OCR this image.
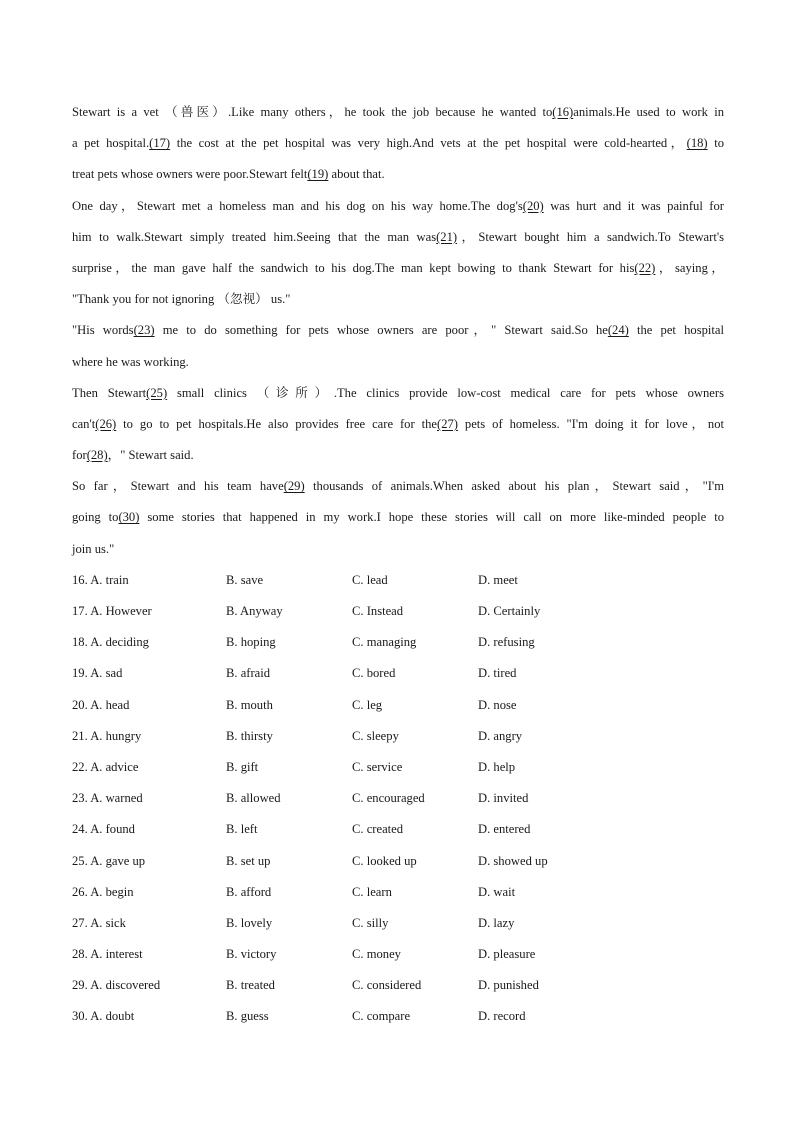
Stewart is a vet （兽医）.Like many others，he took the job because he wanted to(16)animals.He used to work in
a pet hospital.(17) the cost at the pet hospital was very high.And vets at the pet hospital were cold-hearted，(18) to
treat pets whose owners were poor.Stewart felt(19) about that.
One day，Stewart met a homeless man and his dog on his way home.The dog's(20) was hurt and it was painful for
him to walk.Stewart simply treated him.Seeing that the man was(21)，Stewart bought him a sandwich.To Stewart's
surprise，the man gave half the sandwich to his dog.The man kept bowing to thank Stewart for his(22)，saying，
"Thank you for not ignoring （忽视） us."
"His words(23) me to do something for pets whose owners are poor，" Stewart said.So he(24) the pet hospital
where he was working.
Then Stewart(25) small clinics （诊所）.The clinics provide low-cost medical care for pets whose owners
can't(26) to go to pet hospitals.He also provides free care for the(27) pets of homeless. "I'm doing it for love，not
for(28)，" Stewart said.
So far，Stewart and his team have(29) thousands of animals.When asked about his plan，Stewart said，"I'm
going to(30) some stories that happened in my work.I hope these stories will call on more like-minded people to
join us."
16. A. train	B. save	C. lead	D. meet
17. A. However	B. Anyway	C. Instead	D. Certainly
18. A. deciding	B. hoping	C. managing	D. refusing
19. A. sad	B. afraid	C. bored	D. tired
20. A. head	B. mouth	C. leg	D. nose
21. A. hungry	B. thirsty	C. sleepy	D. angry
22. A. advice	B. gift	C. service	D. help
23. A. warned	B. allowed	C. encouraged	D. invited
24. A. found	B. left	C. created	D. entered
25. A. gave up	B. set up	C. looked up	D. showed up
26. A. begin	B. afford	C. learn	D. wait
27. A. sick	B. lovely	C. silly	D. lazy
28. A. interest	B. victory	C. money	D. pleasure
29. A. discovered	B. treated	C. considered	D. punished
30. A. doubt	B. guess	C. compare	D. record
